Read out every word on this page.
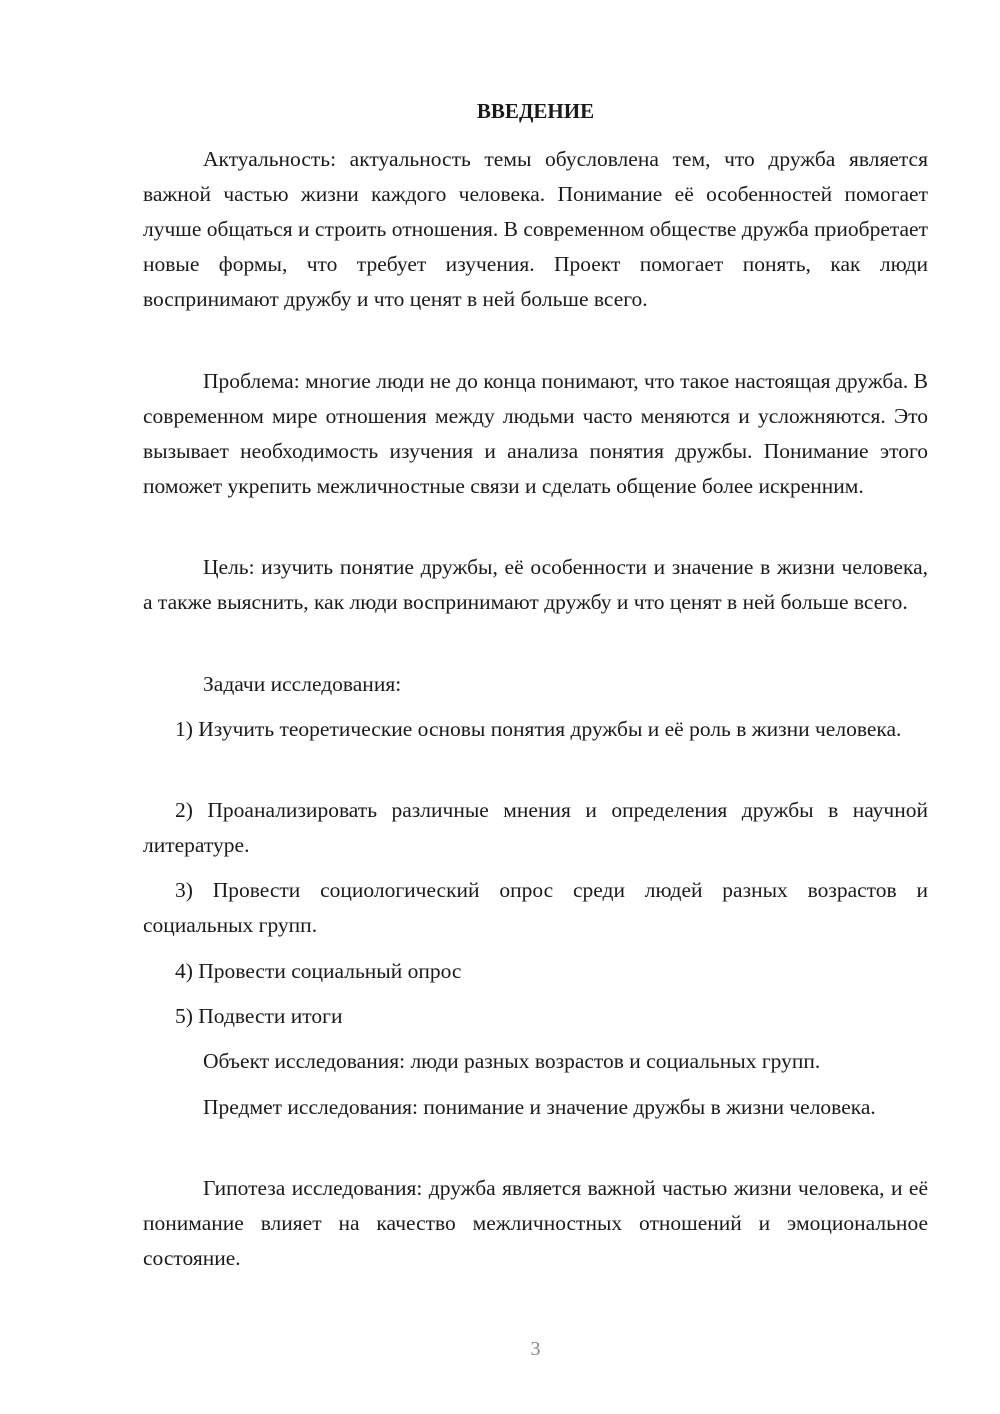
ВВЕДЕНИЕ

Актуальность: актуальность темы обусловлена тем, что дружба является важной частью жизни каждого человека. Понимание её особенностей помогает лучше общаться и строить отношения. В современном обществе дружба приобретает новые формы, что требует изучения. Проект помогает понять, как люди воспринимают дружбу и что ценят в ней больше всего.

Проблема: многие люди не до конца понимают, что такое настоящая дружба. В современном мире отношения между людьми часто меняются и усложняются. Это вызывает необходимость изучения и анализа понятия дружбы. Понимание этого поможет укрепить межличностные связи и сделать общение более искренним.

Цель: изучить понятие дружбы, её особенности и значение в жизни человека, а также выяснить, как люди воспринимают дружбу и что ценят в ней больше всего.

Задачи исследования:

1) Изучить теоретические основы понятия дружбы и её роль в жизни человека.

2) Проанализировать различные мнения и определения дружбы в научной литературе.

3) Провести социологический опрос среди людей разных возрастов и социальных групп.

4) Провести социальный опрос

5) Подвести итоги

Объект исследования: люди разных возрастов и социальных групп.

Предмет исследования: понимание и значение дружбы в жизни человека.

Гипотеза исследования: дружба является важной частью жизни человека, и её понимание влияет на качество межличностных отношений и эмоциональное состояние.

3
